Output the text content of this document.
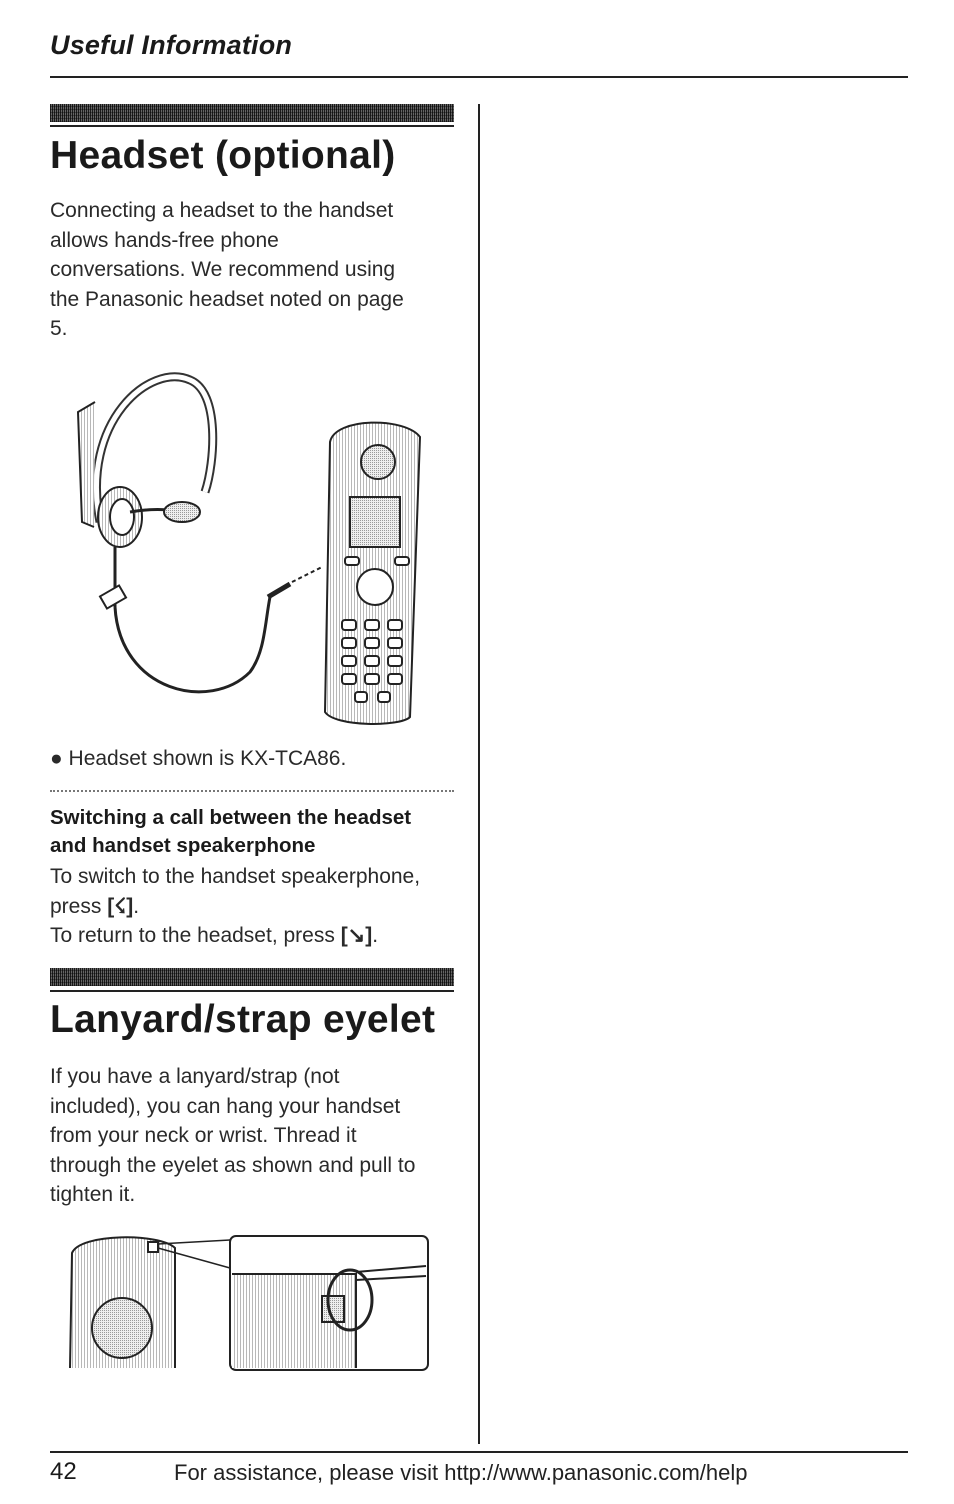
Useful Information
Headset (optional)
Connecting a headset to the handset
allows hands-free phone
conversations. We recommend using
the Panasonic headset noted on page
5.
● Headset shown is KX-TCA86.
Switching a call between the headset
and handset speakerphone
To switch to the handset speakerphone,
press [☇].
To return to the headset, press [↘].
Lanyard/strap eyelet
If you have a lanyard/strap (not
included), you can hang your handset
from your neck or wrist. Thread it
through the eyelet as shown and pull to
tighten it.
42	For assistance, please visit http://www.panasonic.com/help
